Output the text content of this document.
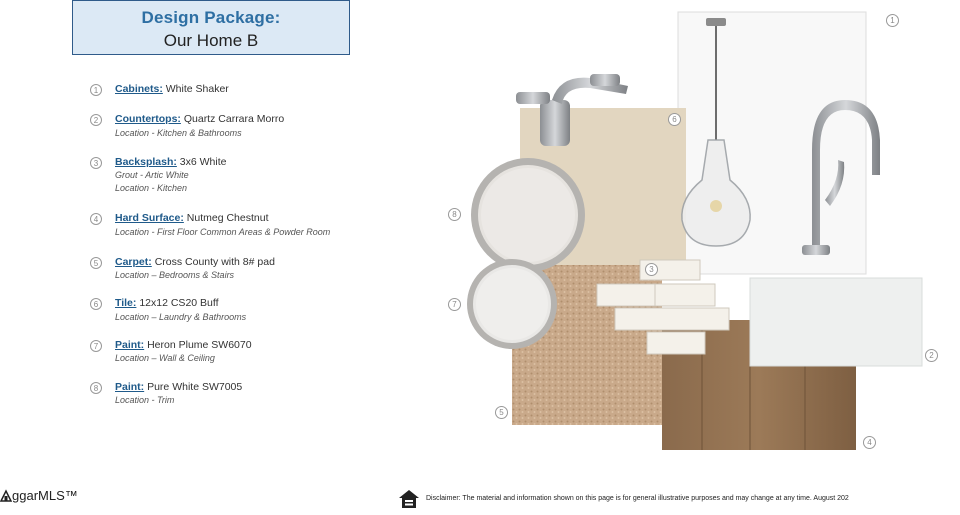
Design Package:
Our Home B
1	Cabinets: White Shaker
2	Countertops: Quartz Carrara Morro
Location - Kitchen & Bathrooms
3	Backsplash: 3x6 White
Grout - Artic White
Location - Kitchen
4	Hard Surface: Nutmeg Chestnut
Location - First Floor Common Areas & Powder Room
5	Carpet: Cross County with 8# pad
Location – Bedrooms & Stairs
6	Tile: 12x12 CS20 Buff
Location – Laundry & Bathrooms
7	Paint: Heron Plume SW6070
Location – Wall & Ceiling
8	Paint: Pure White SW7005
Location - Trim
1
2
3
4
5
6
7
8
ggarMLS™	Disclaimer: The material and information shown on this page is for general illustrative purposes and may change at any time. August 202
